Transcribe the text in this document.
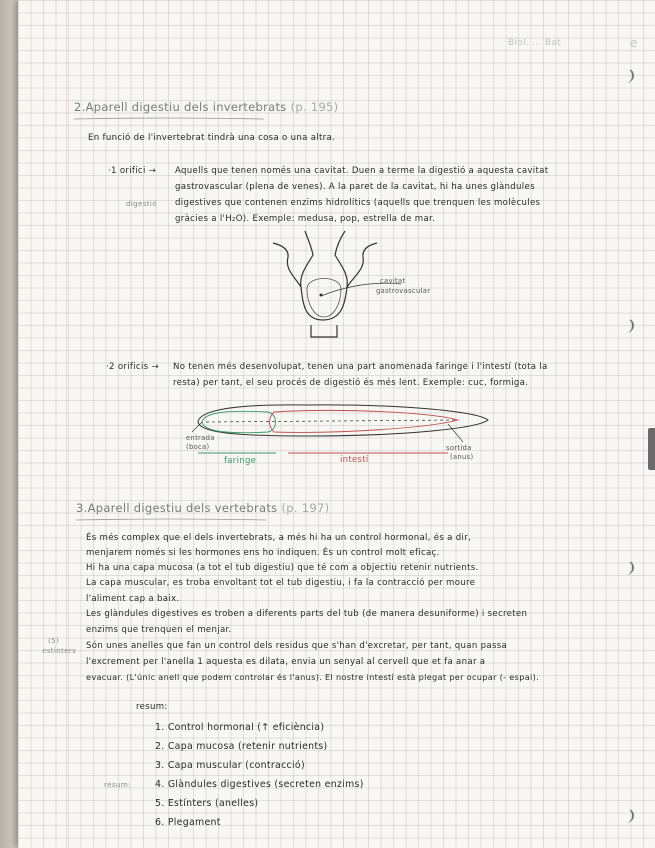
Biol. ... Bat	e
2.Aparell digestiu dels invertebrats (p. 195)
En funció de l'invertebrat tindrà una cosa o una altra.
·1 orifici → Aquells que tenen només una cavitat. Duen a terme la digestió a aquesta cavitat
gastrovascular (plena de venes). A la paret de la cavitat, hi ha unes glàndules
digestives que contenen enzims hidrolítics (aquells que trenquen les molècules
gràcies a l'H₂O). Exemple: medusa, pop, estrella de mar.
digestió
cavitat
gastrovascular
·2 orificis → No tenen més desenvolupat, tenen una part anomenada faringe i l'intestí (tota la
resta) per tant, el seu procés de digestió és més lent. Exemple: cuc, formiga.
entrada
(boca)	sortida
(anus)
faringe	intestí
3.Aparell digestiu dels vertebrats (p. 197)
És més complex que el dels invertebrats, a més hi ha un control hormonal, és a dir,
menjarem només si les hormones ens ho indiquen. És un control molt eficaç.
Hi ha una capa mucosa (a tot el tub digestiu) que té com a objectiu retenir nutrients.
La capa muscular, es troba envoltant tot el tub digestiu, i fa la contracció per moure
l'aliment cap a baix.
Les glàndules digestives es troben a diferents parts del tub (de manera desuniforme) i secreten
enzims que trenquen el menjar.
Són unes anelles que fan un control dels residus que s'han d'excretar, per tant, quan passa
l'excrement per l'anella 1 aquesta es dilata, envia un senyal al cervell que et fa anar a
evacuar. (L'únic anell que podem controlar és l'anus). El nostre intestí està plegat per ocupar (- espai).
(5)
estínters
resum:
resum:
1. Control hormonal (↑ eficiència)
2. Capa mucosa (retenir nutrients)
3. Capa muscular (contracció)
4. Glàndules digestives (secreten enzims)
5. Estínters (anelles)
6. Plegament
